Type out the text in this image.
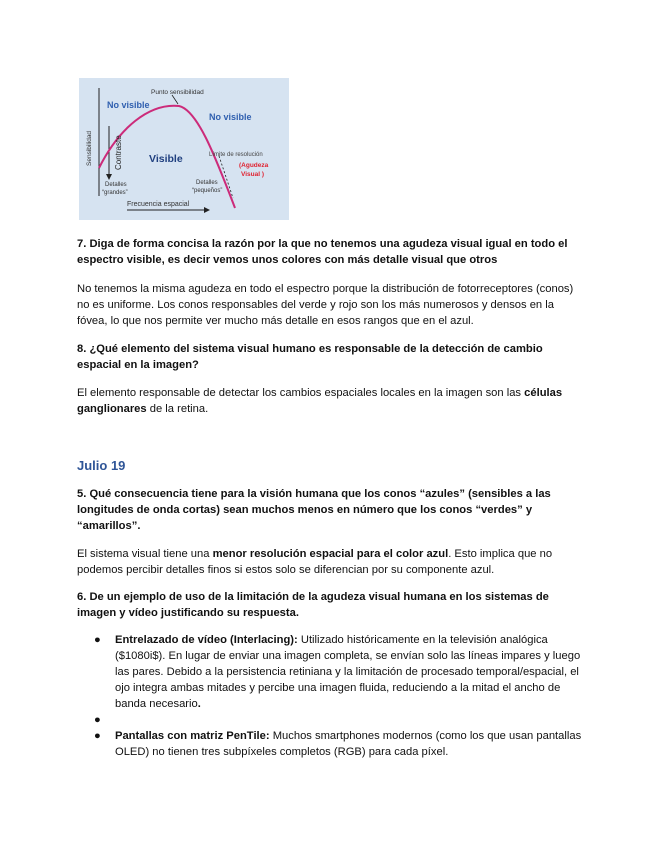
Punto sensibilidad
No visible
No visible
Visible
Sensibilidad	Contraste	Límite de resolución
(Agudeza
Visual )
Detalles
“grandes”
Detalles
“pequeños”
Frecuencia espacial
7. Diga de forma concisa la razón por la que no tenemos una agudeza visual igual en todo el espectro visible, es decir vemos unos colores con más detalle visual que otros
No tenemos la misma agudeza en todo el espectro porque la distribución de fotorreceptores (conos) no es uniforme. Los conos responsables del verde y rojo son los más numerosos y densos en la fóvea, lo que nos permite ver mucho más detalle en esos rangos que en el azul.
8. ¿Qué elemento del sistema visual humano es responsable de la detección de cambio espacial en la imagen?
El elemento responsable de detectar los cambios espaciales locales en la imagen son las células ganglionares de la retina.
Julio 19
5. Qué consecuencia tiene para la visión humana que los conos “azules” (sensibles a las longitudes de onda cortas) sean muchos menos en número que los conos “verdes” y “amarillos”.
El sistema visual tiene una menor resolución espacial para el color azul. Esto implica que no podemos percibir detalles finos si estos solo se diferencian por su componente azul.
6. De un ejemplo de uso de la limitación de la agudeza visual humana en los sistemas de imagen y vídeo justificando su respuesta.
● Entrelazado de vídeo (Interlacing): Utilizado históricamente en la televisión analógica ($1080i$). En lugar de enviar una imagen completa, se envían solo las líneas impares y luego las pares. Debido a la persistencia retiniana y la limitación de procesado temporal/espacial, el ojo integra ambas mitades y percibe una imagen fluida, reduciendo a la mitad el ancho de banda necesario.
●
● Pantallas con matriz PenTile: Muchos smartphones modernos (como los que usan pantallas OLED) no tienen tres subpíxeles completos (RGB) para cada píxel.
